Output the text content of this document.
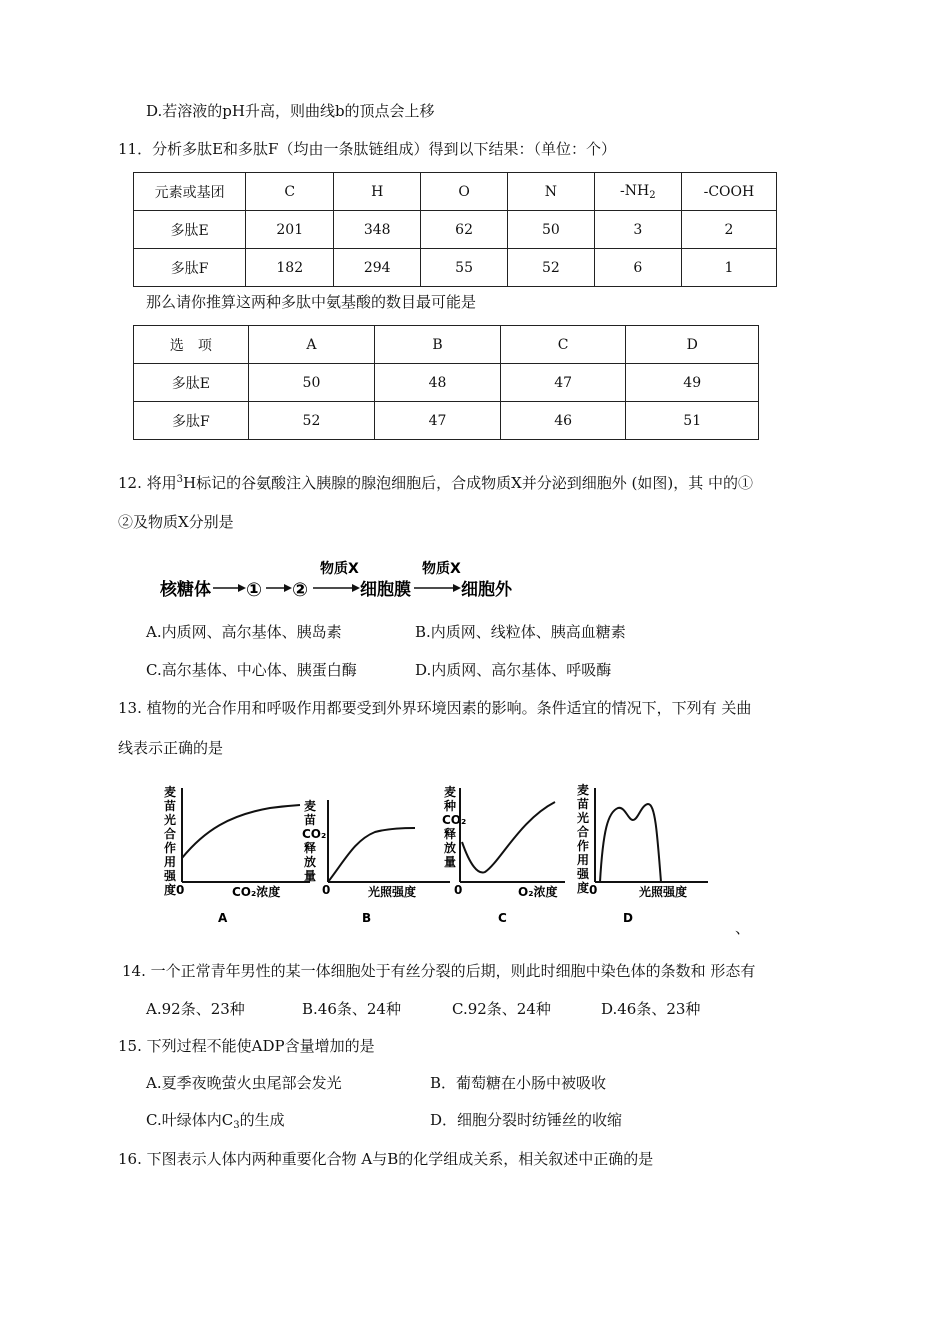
D.若溶液的pH升高，则曲线b的顶点会上移
11．分析多肽E和多肽F（均由一条肽链组成）得到以下结果：（单位：个）
元素或基团	C	H	O	N	$-NH_2$	-COOH
多肽E	201	348	62	50	3	2
多肽F	182	294	55	52	6	1
那么请你推算这两种多肽中氨基酸的数目最可能是
选　项	A	B	C	D
多肽E	50	48	47	49
多肽F	52	47	46	51
12. 将用$^3$H标记的谷氨酸注入胰腺的腺泡细胞后，合成物质X并分泌到细胞外 (如图)，其 中的①
②及物质X分别是
核糖体 ① ②
物质X
细胞膜
物质X
细胞外
A.内质网、高尔基体、胰岛素	B.内质网、线粒体、胰高血糖素
C.高尔基体、中心体、胰蛋白酶	D.内质网、高尔基体、呼吸酶
13. 植物的光合作用和呼吸作用都要受到外界环境因素的影响。条件适宜的情况下，下列有 关曲
线表示正确的是
麦
苗
光
合
作
用
强
度 0	CO₂浓度
A
麦
苗
CO₂
释
放
量
0	光照强度
B
麦
种
CO₂
释
放
量
0	O₂浓度
C
麦
苗
光
合
作
用
强
度 0	光照强度
D
、
14. 一个正常青年男性的某一体细胞处于有丝分裂的后期，则此时细胞中染色体的条数和 形态有
A.92条、23种	B.46条、24种	C.92条、24种	D.46条、23种
15. 下列过程不能使ADP含量增加的是
A.夏季夜晚萤火虫尾部会发光	B．葡萄糖在小肠中被吸收
C.叶绿体内$C_3$的生成	D．细胞分裂时纺锤丝的收缩
16. 下图表示人体内两种重要化合物 A与B的化学组成关系，相关叙述中正确的是
